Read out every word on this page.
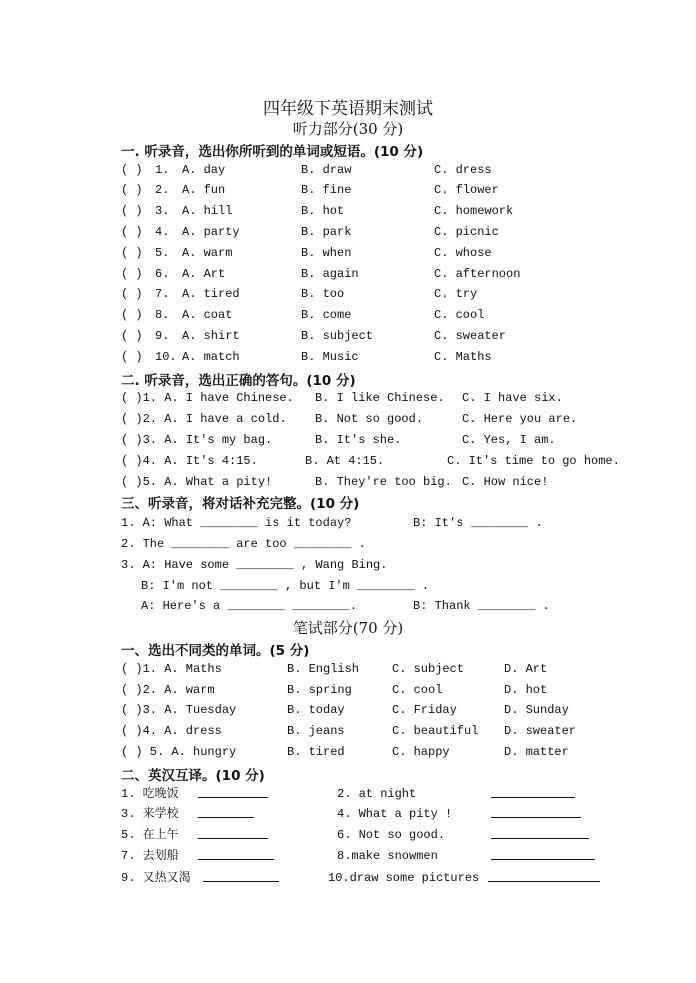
四年级下英语期末测试
听力部分(30 分)
一. 听录音，选出你所听到的单词或短语。(10 分)
( ) 1. A. day	B. draw	C. dress
( ) 2. A. fun	B. fine	C. flower
( ) 3. A. hill	B. hot	C. homework
( ) 4. A. party	B. park	C. picnic
( ) 5. A. warm	B. when	C. whose
( ) 6. A. Art	B. again	C. afternoon
( ) 7. A. tired	B. too	C. try
( ) 8. A. coat	B. come	C. cool
( ) 9. A. shirt	B. subject	C. sweater
( ) 10. A. match	B. Music	C. Maths
二. 听录音，选出正确的答句。(10 分)
( )1. A. I have Chinese. B. I like Chinese. C. I have six.
( )2. A. I have a cold. B. Not so good.	C. Here you are.
( )3. A. It's my bag.	B. It's she.	C. Yes, I am.
( )4. A. It's 4:15.	B. At 4:15.	C. It's time to go home.
( )5. A. What a pity!	B. They're too big. C. How nice!
三、听录音，将对话补充完整。(10 分)
1. A: What ________ is it today?	B: It's ________ .
2. The ________ are too ________ .
3. A: Have some ________ , Wang Bing.
B: I'm not ________ , but I'm ________ .
A: Here's a ________ ________.	B: Thank ________ .
笔试部分(70 分)
一、选出不同类的单词。(5 分)
( )1. A. Maths	B. English	C. subject	D. Art
( )2. A. warm	B. spring	C. cool	D. hot
( )3. A. Tuesday	B. today	C. Friday	D. Sunday
( )4. A. dress	B. jeans	C. beautiful D. sweater
( ) 5. A. hungry	B. tired	C. happy	D. matter
二、英汉互译。(10 分)
1. 吃晚饭	2. at night
3. 来学校	4. What a pity !
5. 在上午	6. Not so good.
7. 去划船	8.make snowmen
9. 又热又渴	10.draw some pictures
